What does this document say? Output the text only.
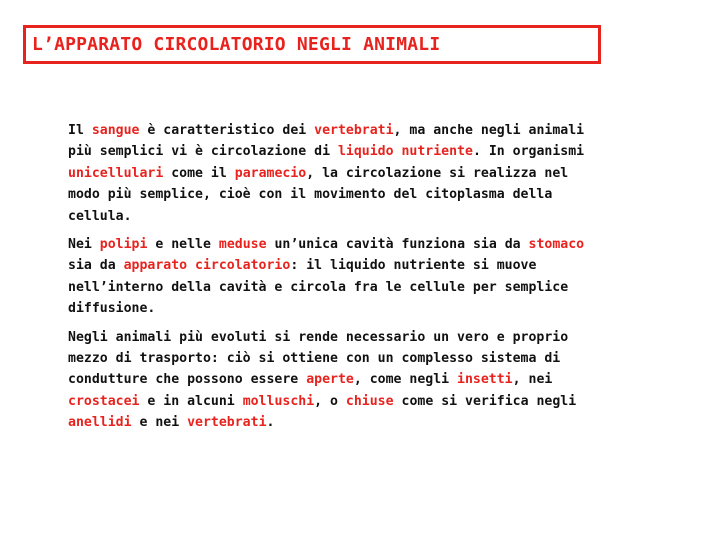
L’APPARATO CIRCOLATORIO NEGLI ANIMALI

Il sangue è caratteristico dei vertebrati, ma anche negli animali più semplici vi è circolazione di liquido nutriente. In organismi unicellulari come il paramecio, la circolazione si realizza nel modo più semplice, cioè con il movimento del citoplasma della cellula.

Nei polipi e nelle meduse un’unica cavità funziona sia da stomaco sia da apparato circolatorio: il liquido nutriente si muove nell’interno della cavità e circola fra le cellule per semplice diffusione.

Negli animali più evoluti si rende necessario un vero e proprio mezzo di trasporto: ciò si ottiene con un complesso sistema di condutture che possono essere aperte, come negli insetti, nei crostacei e in alcuni molluschi, o chiuse come si verifica negli anellidi e nei vertebrati.
